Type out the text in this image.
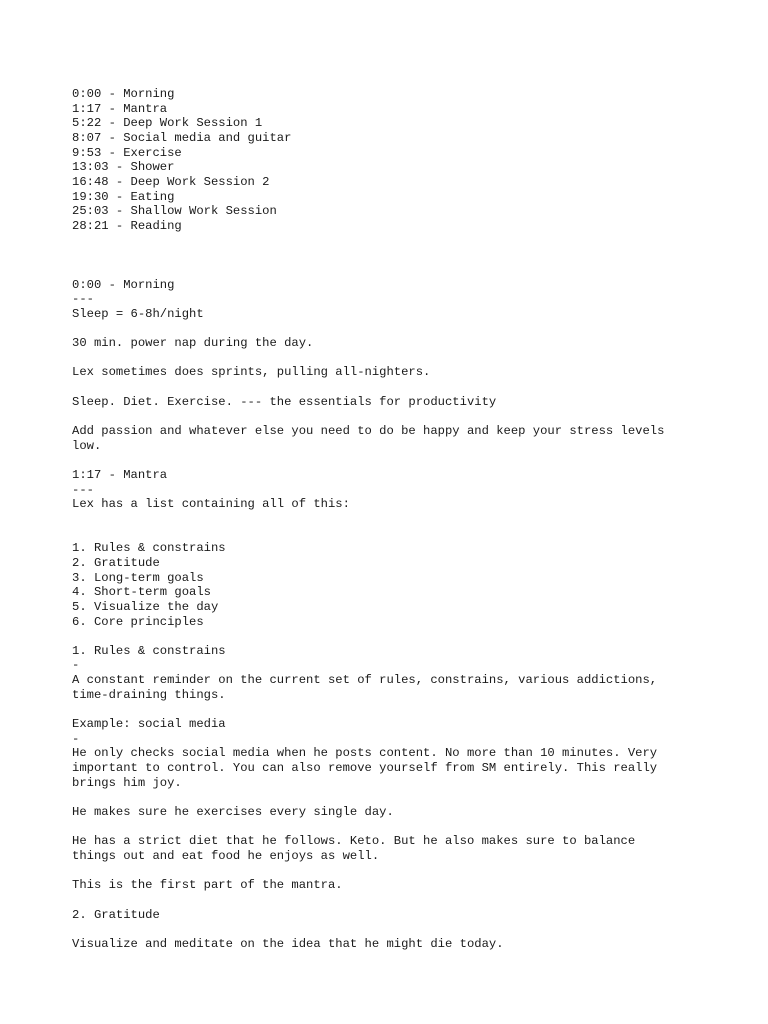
0:00 - Morning
1:17 - Mantra
5:22 - Deep Work Session 1
8:07 - Social media and guitar
9:53 - Exercise
13:03 - Shower
16:48 - Deep Work Session 2
19:30 - Eating
25:03 - Shallow Work Session
28:21 - Reading
0:00 - Morning
---
Sleep = 6-8h/night
30 min. power nap during the day.
Lex sometimes does sprints, pulling all-nighters.
Sleep. Diet. Exercise. --- the essentials for productivity
Add passion and whatever else you need to do be happy and keep your stress levels
low.
1:17 - Mantra
---
Lex has a list containing all of this:
1. Rules & constrains
2. Gratitude
3. Long-term goals
4. Short-term goals
5. Visualize the day
6. Core principles
1. Rules & constrains
-
A constant reminder on the current set of rules, constrains, various addictions,
time-draining things.
Example: social media
-
He only checks social media when he posts content. No more than 10 minutes. Very
important to control. You can also remove yourself from SM entirely. This really
brings him joy.
He makes sure he exercises every single day.
He has a strict diet that he follows. Keto. But he also makes sure to balance
things out and eat food he enjoys as well.
This is the first part of the mantra.
2. Gratitude
Visualize and meditate on the idea that he might die today.
